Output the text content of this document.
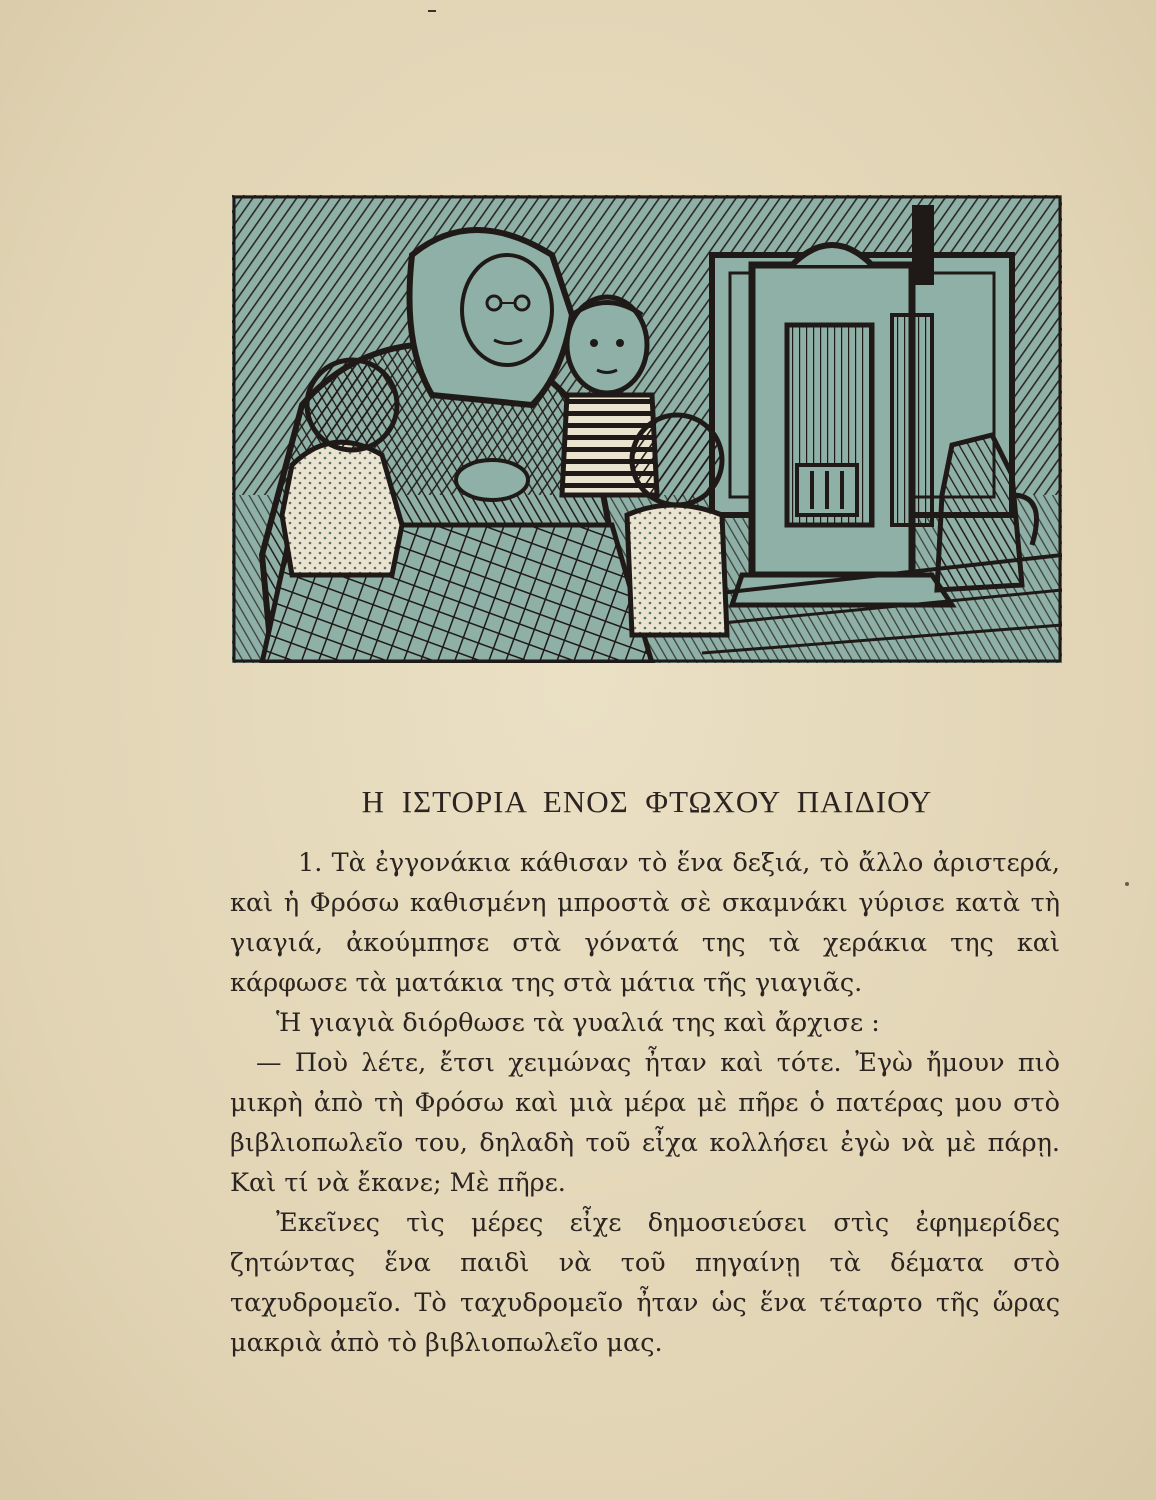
Η ΙΣΤΟΡΙΑ ΕΝΟΣ ΦΤΩΧΟΥ ΠΑΙΔΙΟΥ

1. Τὰ ἐγγονάκια κάθισαν τὸ ἕνα δεξιά, τὸ ἄλλο ἀριστερά, καὶ ἡ Φρόσω καθισμένη μπροστὰ σὲ σκαμνάκι γύρισε κατὰ τὴ γιαγιά, ἀκούμπησε στὰ γόνατά της τὰ χεράκια της καὶ κάρφωσε τὰ ματάκια της στὰ μάτια τῆς γιαγιᾶς.

Ἡ γιαγιὰ διόρθωσε τὰ γυαλιά της καὶ ἄρχισε :

— Ποὺ λέτε, ἔτσι χειμώνας ἦταν καὶ τότε. Ἐγὼ ἤμουν πιὸ μικρὴ ἀπὸ τὴ Φρόσω καὶ μιὰ μέρα μὲ πῆρε ὁ πατέρας μου στὸ βιβλιοπωλεῖο του, δηλαδὴ τοῦ εἶχα κολλήσει ἐγὼ νὰ μὲ πάρῃ. Καὶ τί νὰ ἔκανε; Μὲ πῆρε.

Ἐκεῖνες τὶς μέρες εἶχε δημοσιεύσει στὶς ἐφημερίδες ζητώντας ἕνα παιδὶ νὰ τοῦ πηγαίνῃ τὰ δέματα στὸ ταχυδρομεῖο. Τὸ ταχυδρομεῖο ἦταν ὡς ἕνα τέταρτο τῆς ὥρας μακριὰ ἀπὸ τὸ βιβλιοπωλεῖο μας.
